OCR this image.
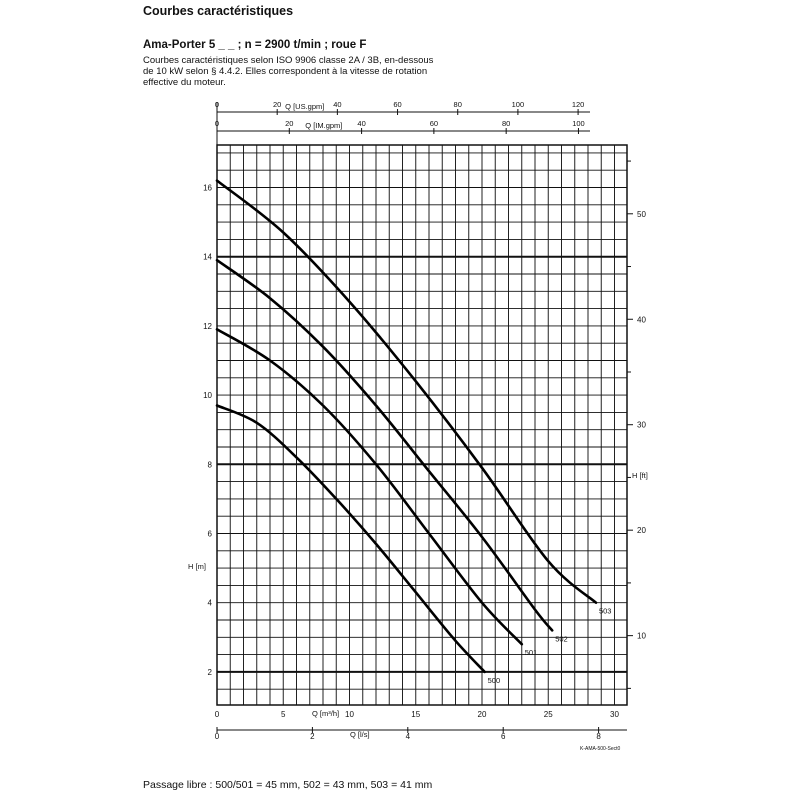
Courbes caractéristiques
Ama-Porter 5 _ _ ; n = 2900 t/min ; roue F
Courbes caractéristiques selon ISO 9906 classe 2A / 3B, en-dessous de 10 kW selon § 4.4.2. Elles correspondent à la vitesse de rotation effective du moteur.
0	20	40	60	80	100	120
0	20	40	60	80	100
0	5	10	15	20	25	30
0	2	4	6	8
2
4
6
8
10
12
14
16
10
20
30
40
50
500
501
502
503
Q [US.gpm]
Q [IM.gpm]
Q [m³/h]
Q [l/s]
H [m]
H [ft]
K-AMA-500-Sect0
Passage libre : 500/501 = 45 mm, 502 = 43 mm, 503 = 41 mm
